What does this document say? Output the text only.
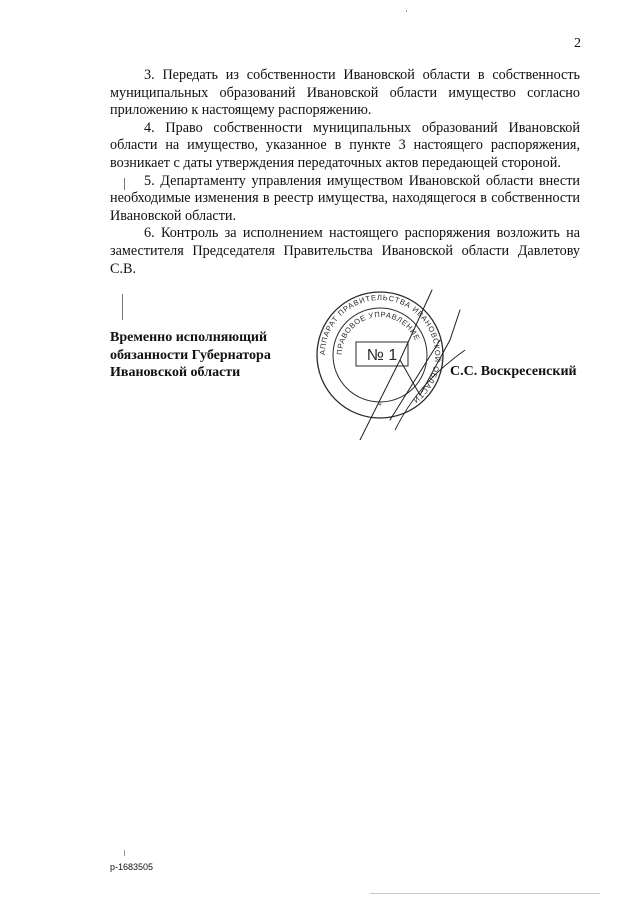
2

3. Передать из собственности Ивановской области в собственность муниципальных образований Ивановской области имущество согласно приложению к настоящему распоряжению.

4. Право собственности муниципальных образований Ивановской области на имущество, указанное в пункте 3 настоящего распоряжения, возникает с даты утверждения передаточных актов передающей стороной.

5. Департаменту управления имуществом Ивановской области внести необходимые изменения в реестр имущества, находящегося в собственности Ивановской области.

6. Контроль за исполнением настоящего распоряжения возложить на заместителя Председателя Правительства Ивановской области Давлетову С.В.

Временно исполняющий
обязанности Губернатора
Ивановской области
АППАРАТ ПРАВИТЕЛЬСТВА ИВАНОВСКОЙ ОБЛАСТИ
ПРАВОВОЕ УПРАВЛЕНИЕ
№ 1
*
С.С. Воскресенский
р-1683505
